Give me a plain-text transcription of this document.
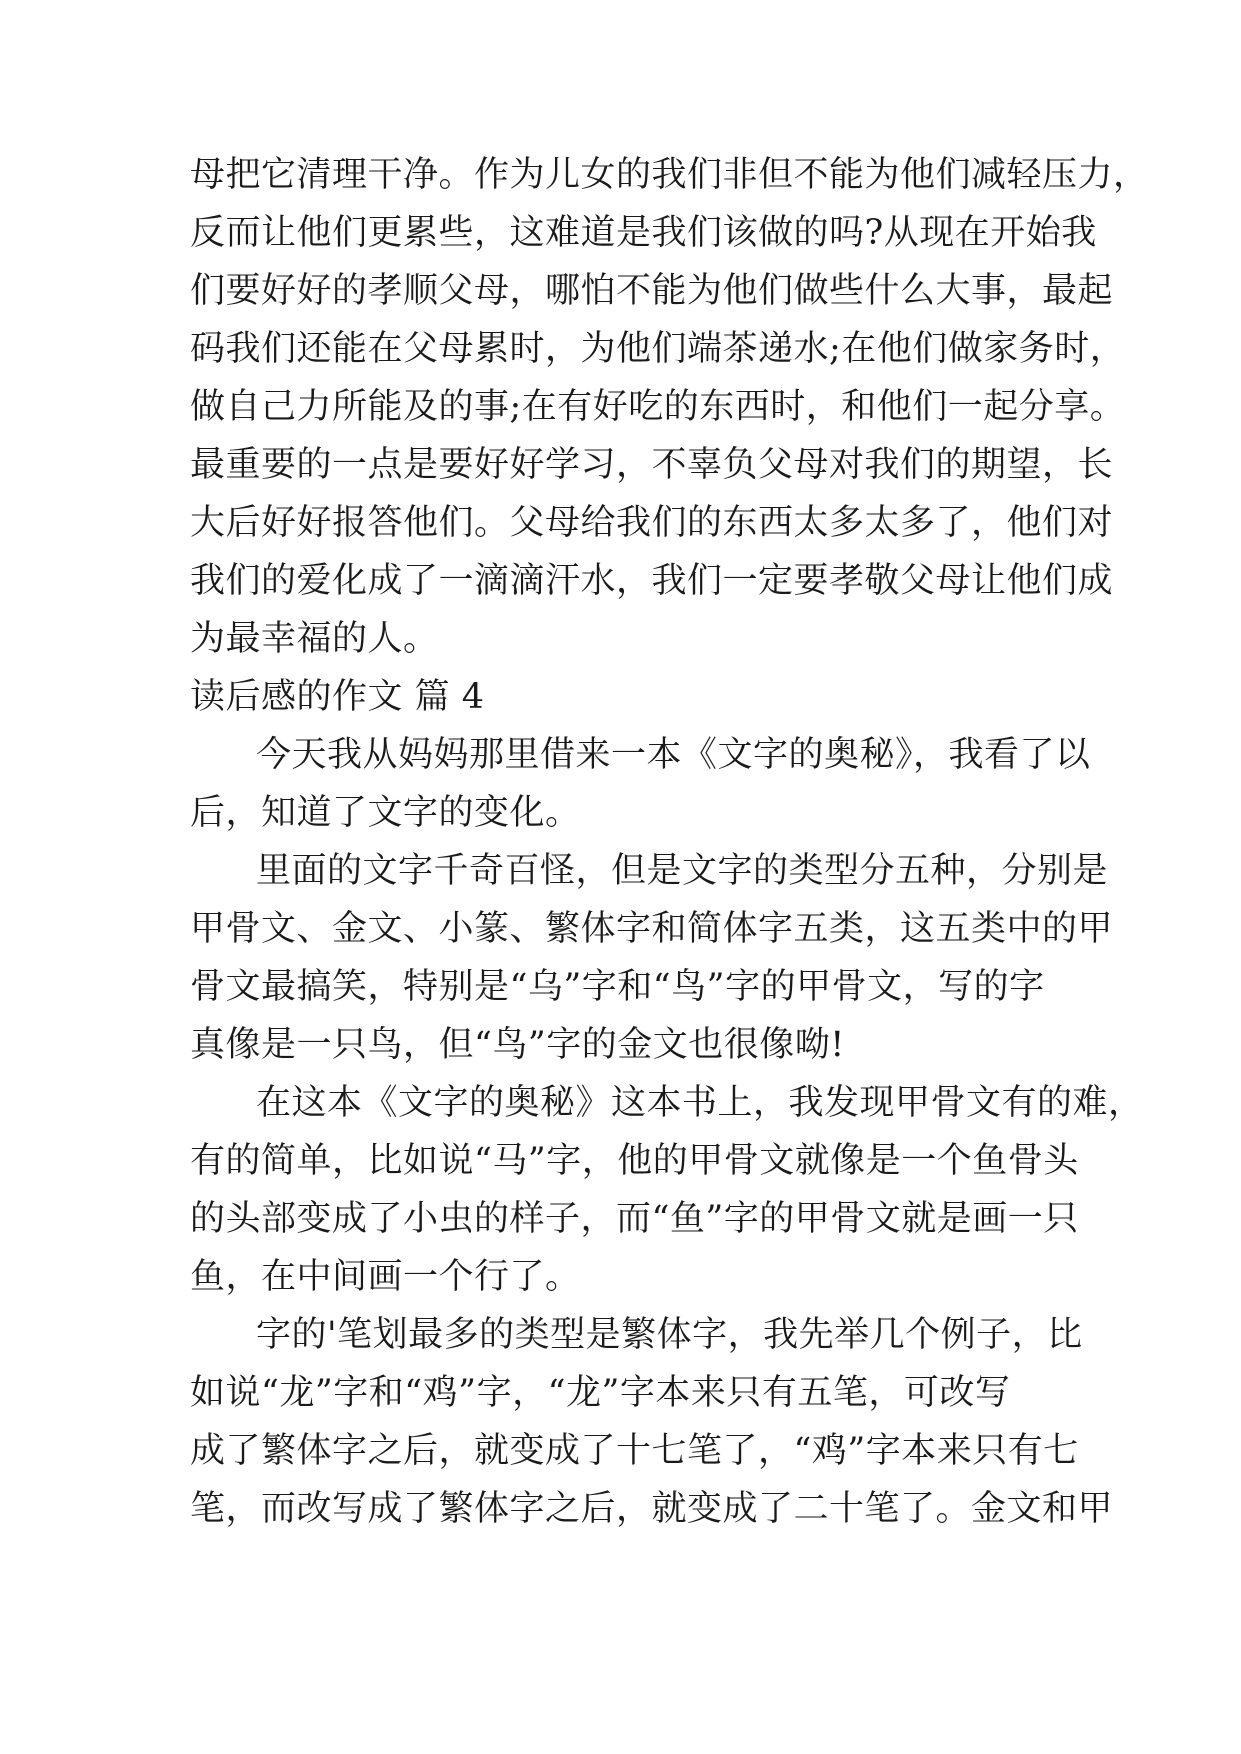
母把它清理干净。作为儿女的我们非但不能为他们减轻压力，

反而让他们更累些，这难道是我们该做的吗?从现在开始我

们要好好的孝顺父母，哪怕不能为他们做些什么大事，最起

码我们还能在父母累时，为他们端茶递水;在他们做家务时，

做自己力所能及的事;在有好吃的东西时，和他们一起分享。

最重要的一点是要好好学习，不辜负父母对我们的期望，长

大后好好报答他们。父母给我们的东西太多太多了，他们对

我们的爱化成了一滴滴汗水，我们一定要孝敬父母让他们成

为最幸福的人。

读后感的作文 篇 4

今天我从妈妈那里借来一本《文字的奥秘》，我看了以

后，知道了文字的变化。

里面的文字千奇百怪，但是文字的类型分五种，分别是

甲骨文、金文、小篆、繁体字和简体字五类，这五类中的甲

骨文最搞笑，特别是“乌”字和“鸟”字的甲骨文，写的字

真像是一只鸟，但“鸟”字的金文也很像呦!

在这本《文字的奥秘》这本书上，我发现甲骨文有的难，

有的简单，比如说“马”字，他的甲骨文就像是一个鱼骨头

的头部变成了小虫的样子，而“鱼”字的甲骨文就是画一只

鱼，在中间画一个行了。

字的'笔划最多的类型是繁体字，我先举几个例子，比

如说“龙”字和“鸡”字，“龙”字本来只有五笔，可改写

成了繁体字之后，就变成了十七笔了，“鸡”字本来只有七

笔，而改写成了繁体字之后，就变成了二十笔了。金文和甲
